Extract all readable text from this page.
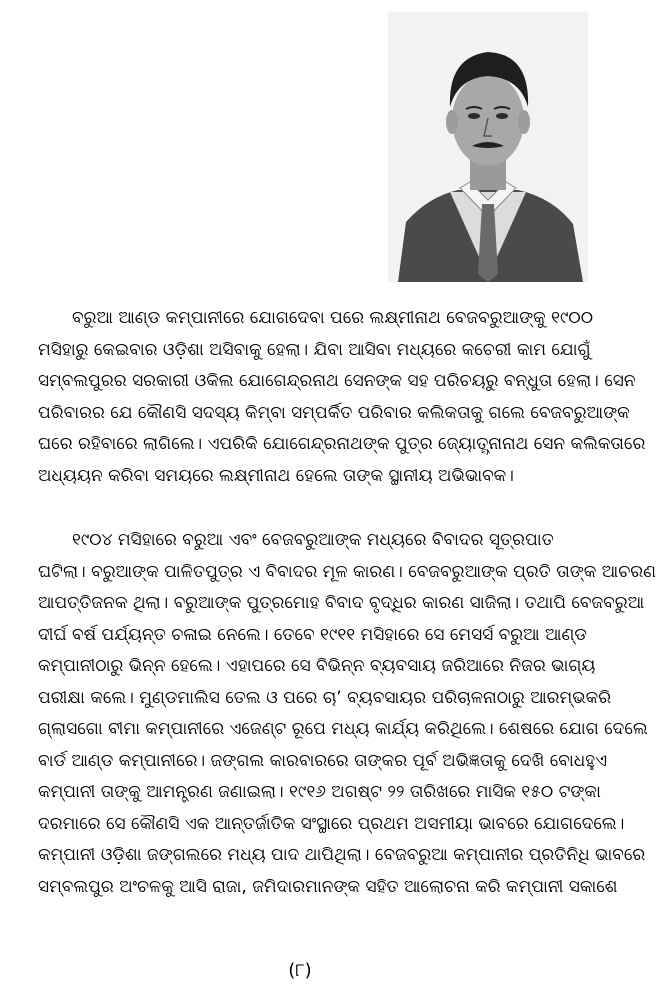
ବରୁଆ ଆଣ୍ଡ କମ୍ପାନୀରେ ଯୋଗଦେବା ପରେ ଲକ୍ଷ୍ମୀନାଥ ବେଜବରୁଆଙ୍କୁ ୧୯୦୦
ମସିହାରୁ କେଇବାର ଓଡ଼ିଶା ଅସିବାକୁ ହେଲା। ଯିବା ଆସିବା ମଧ୍ୟରେ କଚେରୀ କାମ ଯୋଗୁଁ
ସମ୍ବଲପୁରର ସରକାରୀ ଓକିଲ ଯୋଗେନ୍ଦ୍ରନାଥ ସେନଙ୍କ ସହ ପରିଚୟରୁ ବନ୍ଧୁତା ହେଲା। ସେନ
ପରିବାରର ଯେ କୌଣସି ସଦସ୍ୟ କିମ୍ବା ସମ୍ପର୍କିତ ପରିବାର କଲିକତାକୁ ଗଲେ ବେଜବରୁଆଙ୍କ
ଘରେ ରହିବାରେ ଲାଗିଲେ। ଏପରିକି ଯୋଗେନ୍ଦ୍ରନାଥଙ୍କ ପୁତ୍ର ଜ୍ୟୋତ୍ସ୍ନାନାଥ ସେନ କଲିକତାରେ
ଅଧ୍ୟୟନ କରିବା ସମୟରେ ଲକ୍ଷ୍ମୀନାଥ ହେଲେ ତାଙ୍କ ସ୍ଥାନୀୟ ଅଭିଭାବକ।
୧୯୦୪ ମସିହାରେ ବରୁଆ ଏବଂ ବେଜବରୁଆଙ୍କ ମଧ୍ୟରେ ବିବାଦର ସୂତ୍ରପାତ
ଘଟିଲା। ବରୁଆଙ୍କ ପାଳିତପୁତ୍ର ଏ ବିବାଦର ମୂଳ କାରଣ। ବେଜବରୁଆଙ୍କ ପ୍ରତି ତାଙ୍କ ଆଚରଣ
ଆପତ୍ତିଜନକ ଥିଲା। ବରୁଆଙ୍କ ପୁତ୍ରମୋହ ବିବାଦ ବୃଦ୍ଧିର କାରଣ ସାଜିଲା। ତଥାପି ବେଜବରୁଆ
ଦୀର୍ଘ ବର୍ଷ ପର୍ଯ୍ୟନ୍ତ ଚଳାଇ ନେଲେ। ତେବେ ୧୯୧୧ ମସିହାରେ ସେ ମେସର୍ସ ବରୁଆ ଆଣ୍ଡ
କମ୍ପାନୀଠାରୁ ଭିନ୍ନ ହେଲେ। ଏହାପରେ ସେ ବିଭିନ୍ନ ବ୍ୟବସାୟ ଜରିଆରେ ନିଜର ଭାଗ୍ୟ
ପରୀକ୍ଷା କଲେ। ମୁଣ୍ଡମାଲିସ ତେଲ ଓ ପରେ ଚା’ ବ୍ୟବସାୟର ପରିଚାଳନାଠାରୁ ଆରମ୍ଭକରି
ଗ୍ଲାସଗୋ ବୀମା କମ୍ପାନୀରେ ଏଜେଣ୍ଟ ରୂପେ ମଧ୍ୟ କାର୍ଯ୍ୟ କରିଥିଲେ। ଶେଷରେ ଯୋଗ ଦେଲେ
ବାର୍ଡ ଆଣ୍ଡ କମ୍ପାନୀରେ। ଜଙ୍ଗଲ କାରବାରରେ ତାଙ୍କର ପୂର୍ବ ଅଭିଜ୍ଞତାକୁ ଦେଖି ବୋଧହୁଏ
କମ୍ପାନୀ ତାଙ୍କୁ ଆମନ୍ତ୍ରଣ ଜଣାଇଲା। ୧୯୧୬ ଅଗଷ୍ଟ ୨୨ ତାରିଖରେ ମାସିକ ୧୫୦ ଟଙ୍କା
ଦରମାରେ ସେ କୌଣସି ଏକ ଆନ୍ତର୍ଜାତିକ ସଂସ୍ଥାରେ ପ୍ରଥମ ଅସମୀୟା ଭାବରେ ଯୋଗଦେଲେ।
କମ୍ପାନୀ ଓଡ଼ିଶା ଜଙ୍ଗଲରେ ମଧ୍ୟ ପାଦ ଥାପିଥିଲା। ବେଜବରୁଆ କମ୍ପାନୀର ପ୍ରତିନିଧି ଭାବରେ
ସମ୍ବଲପୁର ଅଂଚଳକୁ ଆସି ରାଜା, ଜମିଦାରମାନଙ୍କ ସହିତ ଆଲୋଚନା କରି କମ୍ପାନୀ ସକାଶେ
(୮)
